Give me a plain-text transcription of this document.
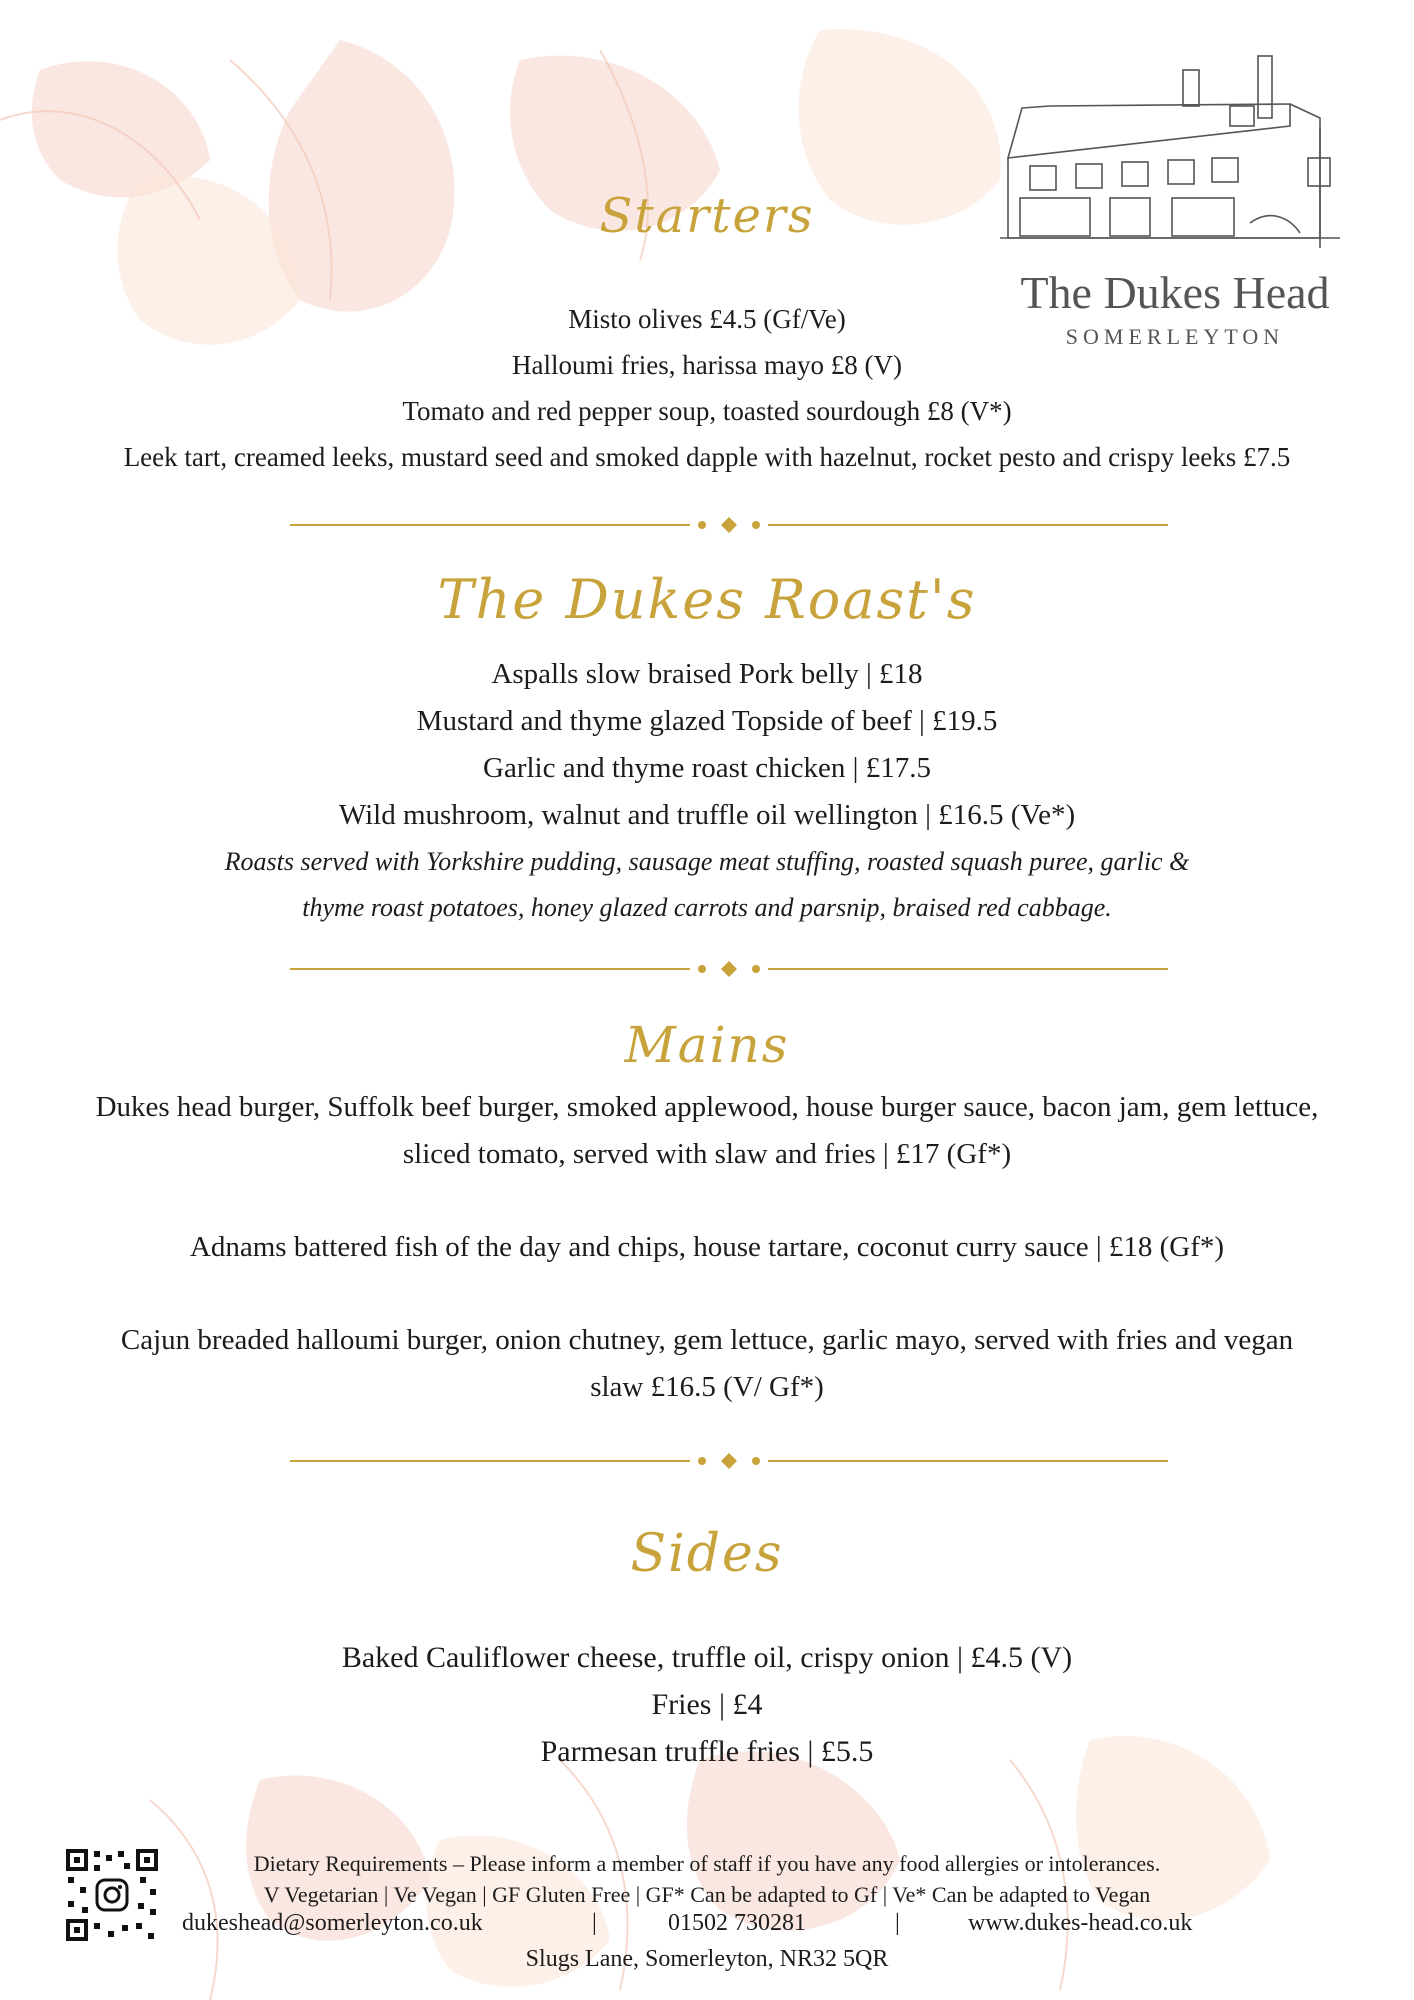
The Dukes Head
SOMERLEYTON
Starters
Misto olives £4.5 (Gf/Ve)
Halloumi fries, harissa mayo £8 (V)
Tomato and red pepper soup, toasted sourdough £8 (V*)
Leek tart, creamed leeks, mustard seed and smoked dapple with hazelnut, rocket pesto and crispy leeks £7.5
The Dukes Roast's
Aspalls slow braised Pork belly | £18
Mustard and thyme glazed Topside of beef | £19.5
Garlic and thyme roast chicken | £17.5
Wild mushroom, walnut and truffle oil wellington | £16.5 (Ve*)
Roasts served with Yorkshire pudding, sausage meat stuffing, roasted squash puree, garlic &
thyme roast potatoes, honey glazed carrots and parsnip, braised red cabbage.
Mains
Dukes head burger, Suffolk beef burger, smoked applewood, house burger sauce, bacon jam, gem lettuce,
sliced tomato, served with slaw and fries | £17 (Gf*)
Adnams battered fish of the day and chips, house tartare, coconut curry sauce | £18 (Gf*)
Cajun breaded halloumi burger, onion chutney, gem lettuce, garlic mayo, served with fries and vegan
slaw £16.5 (V/ Gf*)
Sides
Baked Cauliflower cheese, truffle oil, crispy onion | £4.5 (V)
Fries | £4
Parmesan truffle fries | £5.5
Dietary Requirements – Please inform a member of staff if you have any food allergies or intolerances.
V Vegetarian | Ve Vegan | GF Gluten Free | GF* Can be adapted to Gf | Ve* Can be adapted to Vegan
dukeshead@somerleyton.co.uk	|	01502 730281	|	www.dukes-head.co.uk
Slugs Lane, Somerleyton, NR32 5QR
